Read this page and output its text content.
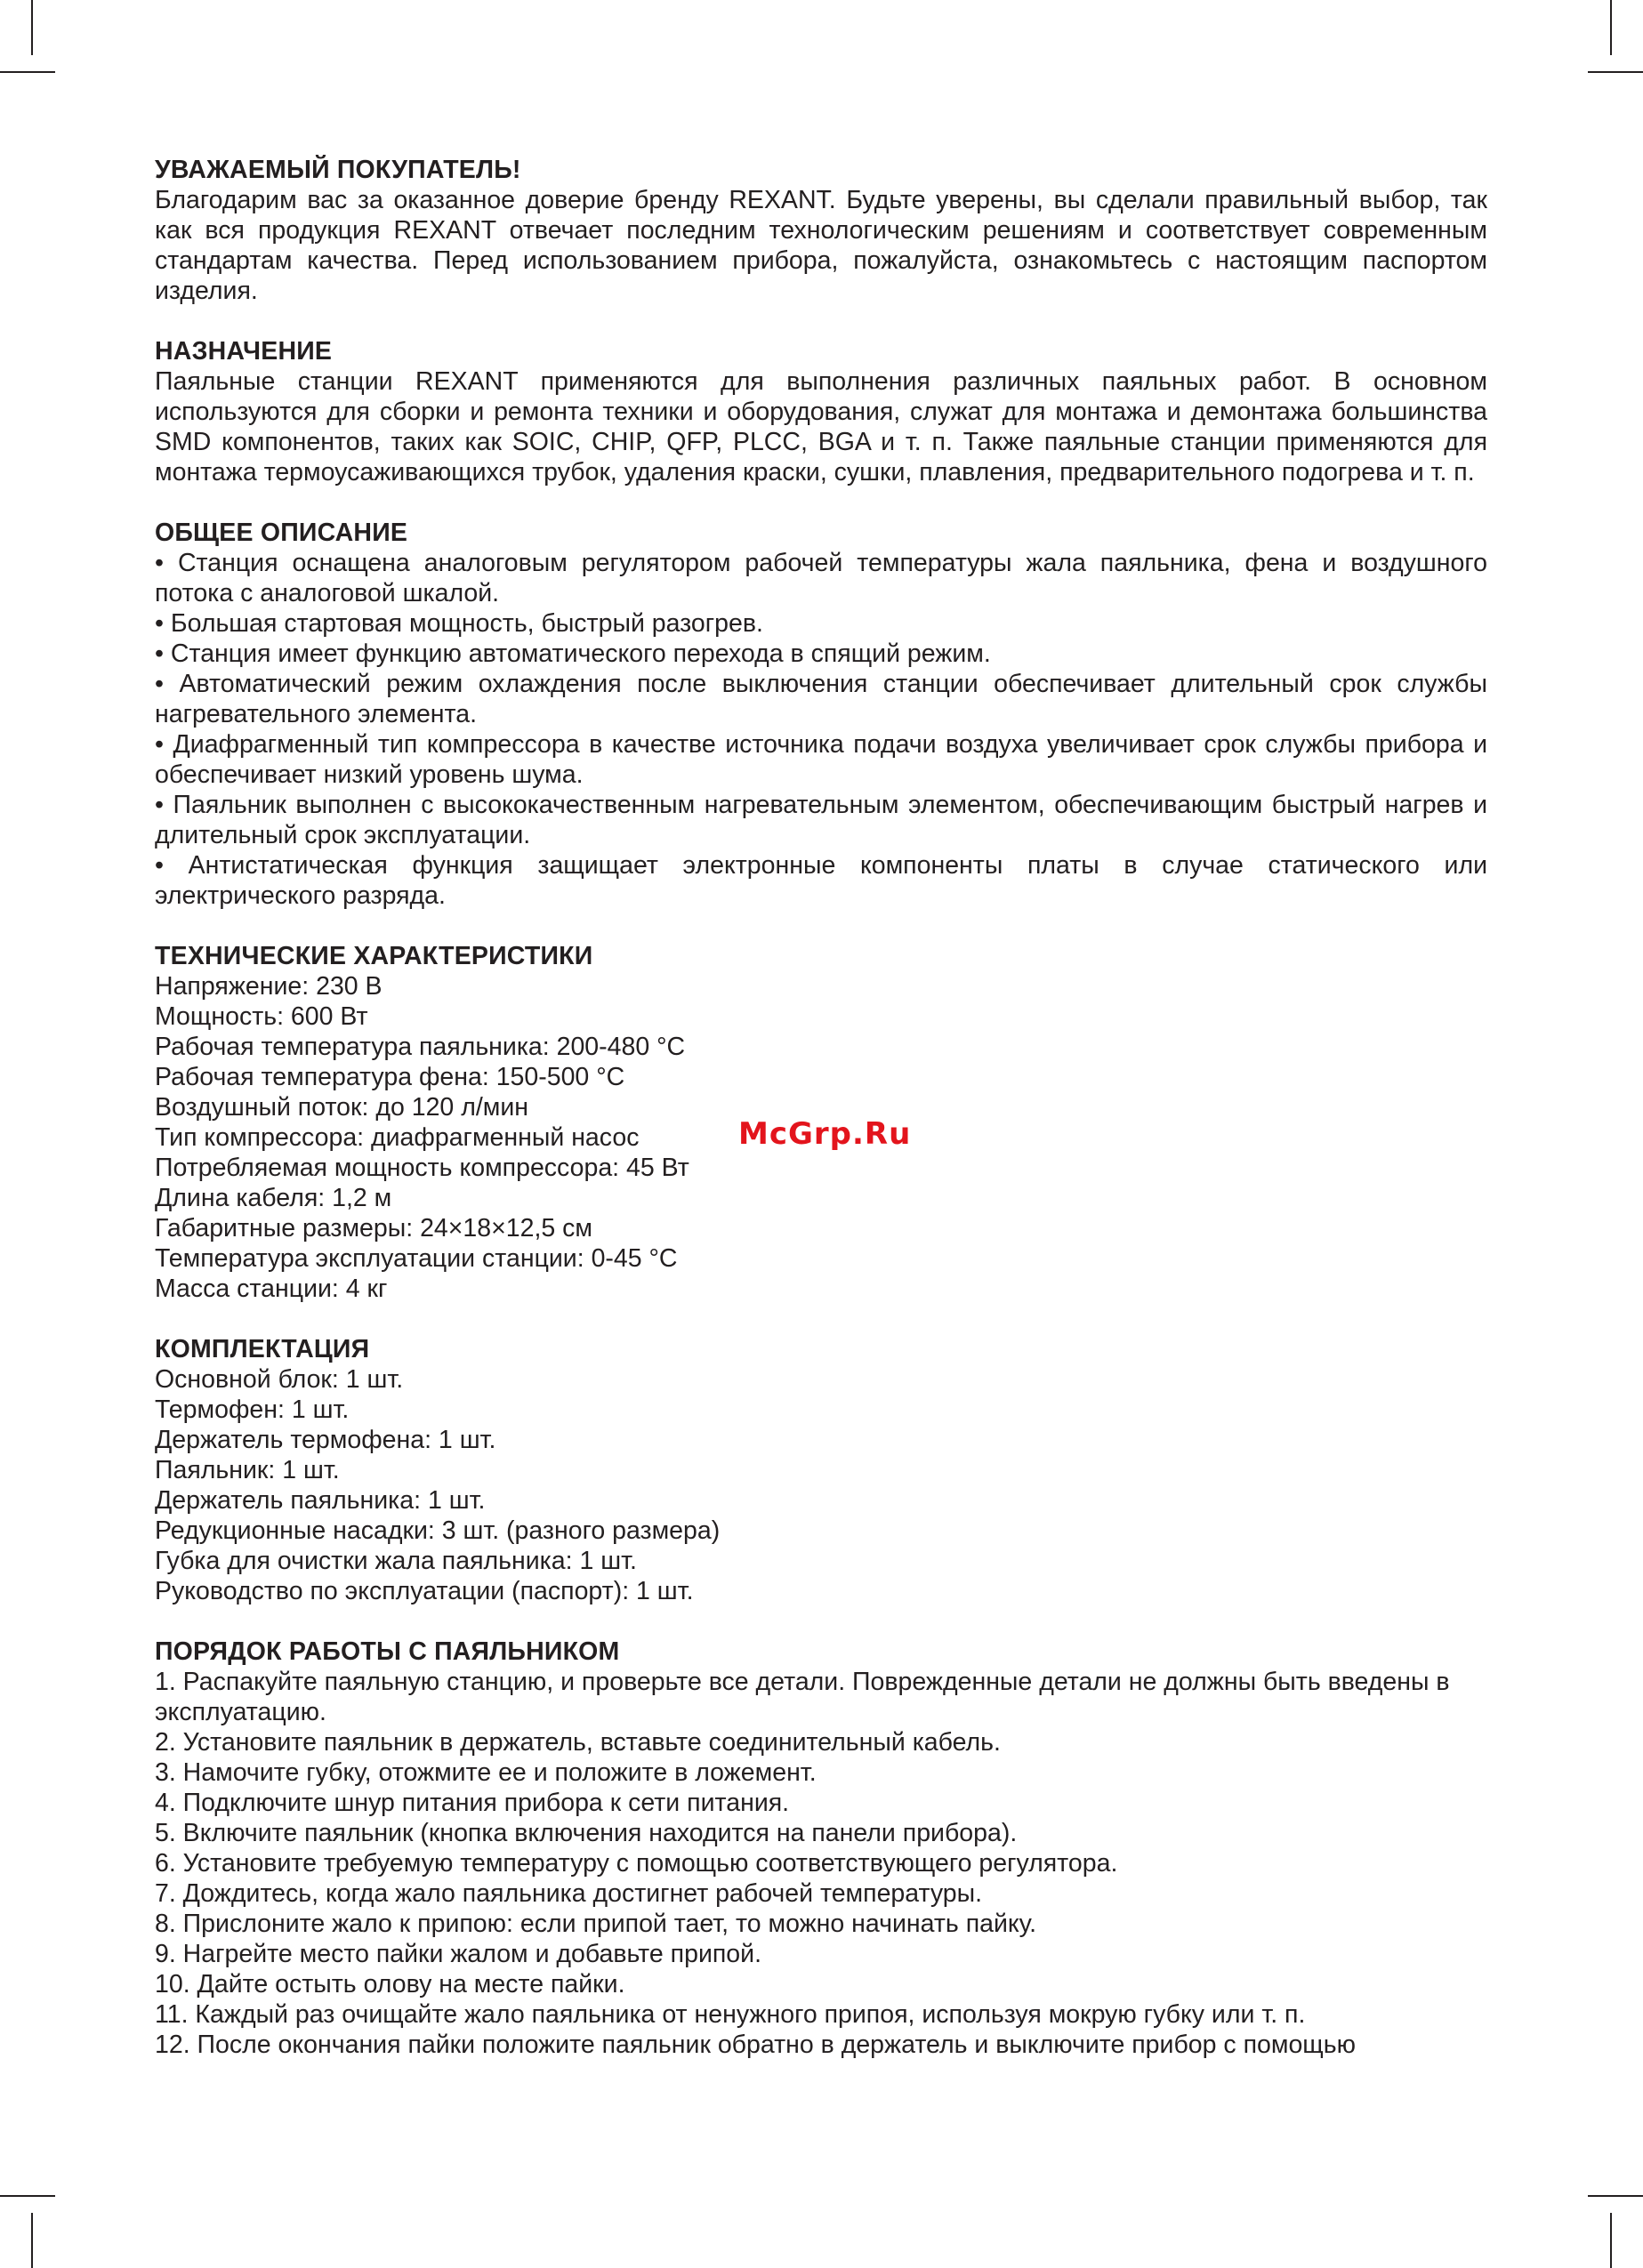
УВАЖАЕМЫЙ ПОКУПАТЕЛЬ!

Благодарим вас за оказанное доверие бренду REXANT. Будьте уверены, вы сделали правильный выбор, так как вся продукция REXANT отвечает последним технологическим решениям и соответствует современным стандартам качества. Перед использованием прибора, пожалуйста, ознакомьтесь с настоящим паспортом изделия.

НАЗНАЧЕНИЕ

Паяльные станции REXANT применяются для выполнения различных паяльных работ. В основном используются для сборки и ремонта техники и оборудования, служат для монтажа и демонтажа большинства SMD компонентов, таких как SOIC, CHIP, QFP, PLCC, BGA и т. п. Также паяльные станции применяются для монтажа термоусаживающихся трубок, удаления краски, сушки, плавления, предварительного подогрева и т. п.

ОБЩЕЕ ОПИСАНИЕ
• Станция оснащена аналоговым регулятором рабочей температуры жала паяльника, фена и воздушного потока с аналоговой шкалой.
• Большая стартовая мощность, быстрый разогрев.
• Станция имеет функцию автоматического перехода в спящий режим.
• Автоматический режим охлаждения после выключения станции обеспечивает длительный срок службы нагревательного элемента.
• Диафрагменный тип компрессора в качестве источника подачи воздуха увеличивает срок службы прибора и обеспечивает низкий уровень шума.
• Паяльник выполнен с высококачественным нагревательным элементом, обеспечивающим быстрый нагрев и длительный срок эксплуатации.
• Антистатическая функция защищает электронные компоненты платы в случае статического или электрического разряда.
ТЕХНИЧЕСКИЕ ХАРАКТЕРИСТИКИ
Напряжение: 230 В
Мощность: 600 Вт
Рабочая температура паяльника: 200-480 °С
Рабочая температура фена: 150-500 °С
Воздушный поток: до 120 л/мин
Тип компрессора: диафрагменный насос
Потребляемая мощность компрессора: 45 Вт
Длина кабеля: 1,2 м
Габаритные размеры: 24×18×12,5 см
Температура эксплуатации станции: 0-45 °С
Масса станции: 4 кг
КОМПЛЕКТАЦИЯ
Основной блок: 1 шт.
Термофен: 1 шт.
Держатель термофена: 1 шт.
Паяльник: 1 шт.
Держатель паяльника: 1 шт.
Редукционные насадки: 3 шт. (разного размера)
Губка для очистки жала паяльника: 1 шт.
Руководство по эксплуатации (паспорт): 1 шт.
ПОРЯДОК РАБОТЫ С ПАЯЛЬНИКОМ
1. Распакуйте паяльную станцию, и проверьте все детали. Поврежденные детали не должны быть введены в эксплуатацию.
2. Установите паяльник в держатель, вставьте соединительный кабель.
3. Намочите губку, отожмите ее и положите в ложемент.
4. Подключите шнур питания прибора к сети питания.
5. Включите паяльник (кнопка включения находится на панели прибора).
6. Установите требуемую температуру с помощью соответствующего регулятора.
7. Дождитесь, когда жало паяльника достигнет рабочей температуры.
8. Прислоните жало к припою: если припой тает, то можно начинать пайку.
9. Нагрейте место пайки жалом и добавьте припой.
10. Дайте остыть олову на месте пайки.
11. Каждый раз очищайте жало паяльника от ненужного припоя, используя мокрую губку или т. п.
12. После окончания пайки положите паяльник обратно в держатель и выключите прибор с помощью
McGrp.Ru
